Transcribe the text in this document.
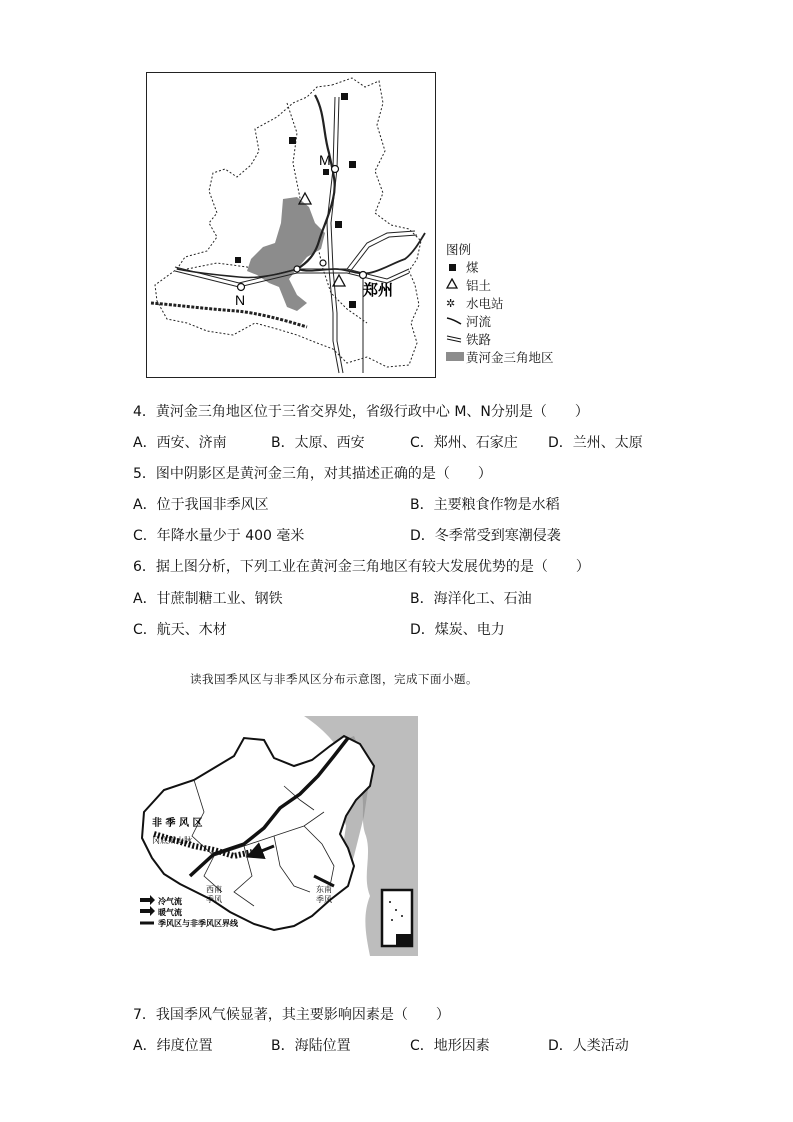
M
N
郑州
图例
煤
铝土
✲ 水电站
河流
铁路
黄河金三角地区
4．黄河金三角地区位于三省交界处，省级行政中心 M、N分别是（　　）
A．西安、济南	B．太原、西安	C．郑州、石家庄 D．兰州、太原
5．图中阴影区是黄河金三角，对其描述正确的是（　　）
A．位于我国非季风区	B．主要粮食作物是水稻
C．年降水量少于 400 毫米	D．冬季常受到寒潮侵袭
6．据上图分析，下列工业在黄河金三角地区有较大发展优势的是（　　）
A．甘蔗制糖工业、钢铁	B．海洋化工、石油
C．航天、木材	D．煤炭、电力
读我国季风区与非季风区分布示意图，完成下面小题。
非 季 风 区
冈底斯山脉
西南
季风
东南
季风
冷气流
暖气流
季风区与非季风区界线
7．我国季风气候显著，其主要影响因素是（　　）
A．纬度位置	B．海陆位置	C．地形因素	D．人类活动
